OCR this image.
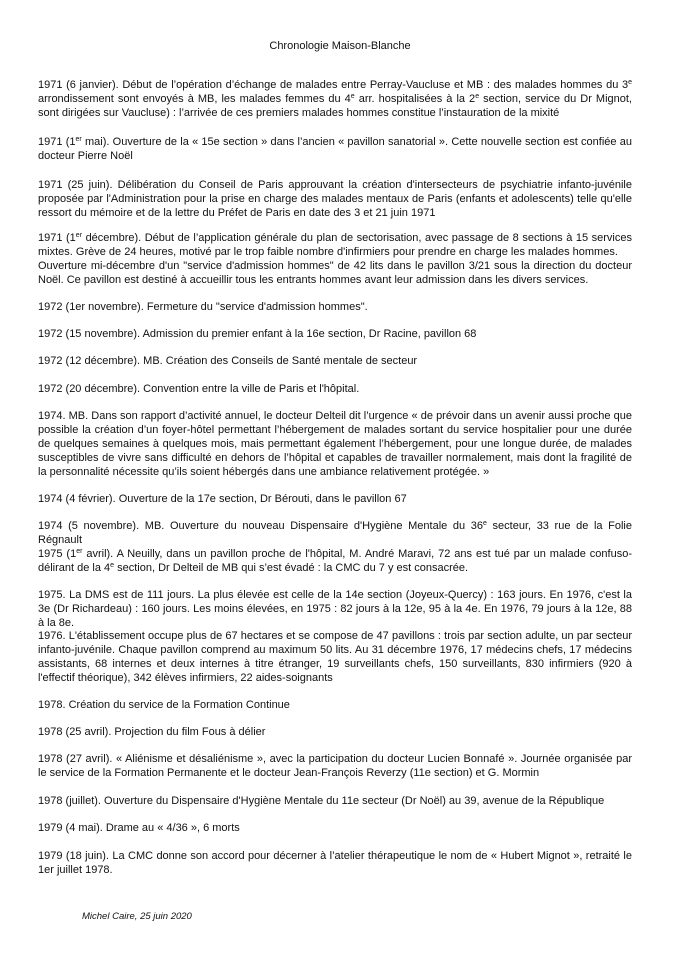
Chronologie Maison-Blanche

1971 (6 janvier). Début de l’opération d’échange de malades entre Perray-Vaucluse et MB : des malades hommes du 3e arrondissement sont envoyés à MB, les malades femmes du 4e arr. hospitalisées à la 2e section, service du Dr Mignot, sont dirigées sur Vaucluse) : l’arrivée de ces premiers malades hommes constitue l’instauration de la mixité

1971 (1er mai). Ouverture de la « 15e section » dans l’ancien « pavillon sanatorial ». Cette nouvelle section est confiée au docteur Pierre Noël

1971 (25 juin). Délibération du Conseil de Paris approuvant la création d'intersecteurs de psychiatrie infanto-juvénile proposée par l'Administration pour la prise en charge des malades mentaux de Paris (enfants et adolescents) telle qu'elle ressort du mémoire et de la lettre du Préfet de Paris en date des 3 et 21 juin 1971

1971 (1er décembre). Début de l’application générale du plan de sectorisation, avec passage de 8 sections à 15 services mixtes. Grève de 24 heures, motivé par le trop faible nombre d'infirmiers pour prendre en charge les malades hommes.
Ouverture mi-décembre d'un "service d'admission hommes" de 42 lits dans le pavillon 3/21 sous la direction du docteur Noël. Ce pavillon est destiné à accueillir tous les entrants hommes avant leur admission dans les divers services.

1972 (1er novembre). Fermeture du "service d'admission hommes".

1972 (15 novembre). Admission du premier enfant à la 16e section, Dr Racine, pavillon 68

1972 (12 décembre). MB. Création des Conseils de Santé mentale de secteur

1972 (20 décembre). Convention entre la ville de Paris et l'hôpital.

1974. MB. Dans son rapport d’activité annuel, le docteur Delteil dit l’urgence « de prévoir dans un avenir aussi proche que possible la création d’un foyer-hôtel permettant l’hébergement de malades sortant du service hospitalier pour une durée de quelques semaines à quelques mois, mais permettant également l’hébergement, pour une longue durée, de malades susceptibles de vivre sans difficulté en dehors de l’hôpital et capables de travailler normalement, mais dont la fragilité de la personnalité nécessite qu’ils soient hébergés dans une ambiance relativement protégée. »

1974 (4 février). Ouverture de la 17e section, Dr Bérouti, dans le pavillon 67

1974 (5 novembre). MB. Ouverture du nouveau Dispensaire d'Hygiène Mentale du 36e secteur, 33 rue de la Folie Régnault

1975 (1er avril). A Neuilly, dans un pavillon proche de l'hôpital, M. André Maravi, 72 ans est tué par un malade confuso-délirant de la 4e section, Dr Delteil de MB qui s’est évadé : la CMC du 7 y est consacrée.

1975. La DMS est de 111 jours. La plus élevée est celle de la 14e section (Joyeux-Quercy) : 163 jours. En 1976, c'est la 3e (Dr Richardeau) : 160 jours. Les moins élevées, en 1975 : 82 jours à la 12e, 95 à la 4e. En 1976, 79 jours à la 12e, 88 à la 8e.

1976. L'établissement occupe plus de 67 hectares et se compose de 47 pavillons : trois par section adulte, un par secteur infanto-juvénile. Chaque pavillon comprend au maximum 50 lits. Au 31 décembre 1976, 17 médecins chefs, 17 médecins assistants, 68 internes et deux internes à titre étranger, 19 surveillants chefs, 150 surveillants, 830 infirmiers (920 à l'effectif théorique), 342 élèves infirmiers, 22 aides-soignants

1978. Création du service de la Formation Continue

1978 (25 avril). Projection du film Fous à délier

1978 (27 avril). « Aliénisme et désaliénisme », avec la participation du docteur Lucien Bonnafé ». Journée organisée par le service de la Formation Permanente et le docteur Jean-François Reverzy (11e section) et G. Mormin

1978 (juillet). Ouverture du Dispensaire d'Hygiène Mentale du 11e secteur (Dr Noël) au 39, avenue de la République

1979 (4 mai). Drame au « 4/36 », 6 morts

1979 (18 juin). La CMC donne son accord pour décerner à l’atelier thérapeutique le nom de « Hubert Mignot », retraité le 1er juillet 1978.

Michel Caire, 25 juin 2020
